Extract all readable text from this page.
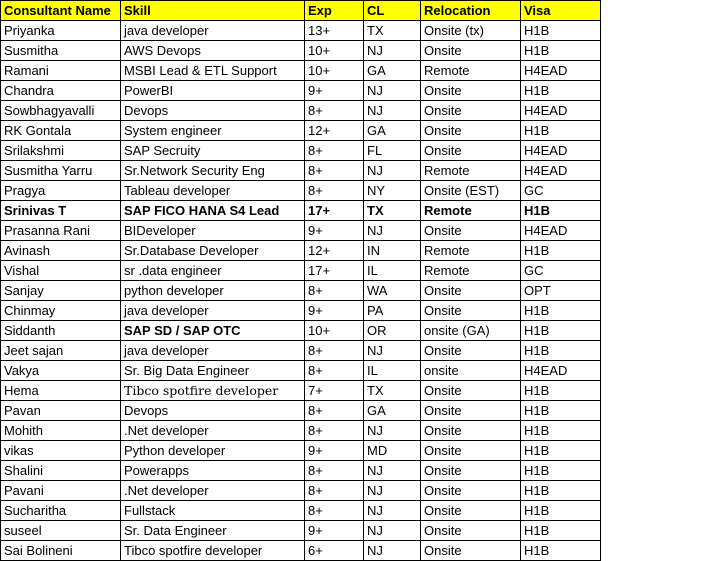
Consultant Name	Skill	Exp	CL	Relocation	Visa
Priyanka	java developer	13+	TX	Onsite (tx)	H1B
Susmitha	AWS Devops	10+	NJ	Onsite	H1B
Ramani	MSBI Lead & ETL Support	10+	GA	Remote	H4EAD
Chandra	PowerBI	9+	NJ	Onsite	H1B
Sowbhagyavalli	Devops	8+	NJ	Onsite	H4EAD
RK Gontala	System engineer	12+	GA	Onsite	H1B
Srilakshmi	SAP Secruity	8+	FL	Onsite	H4EAD
Susmitha Yarru	Sr.Network Security Eng	8+	NJ	Remote	H4EAD
Pragya	Tableau developer	8+	NY	Onsite (EST)	GC
Srinivas T	SAP FICO HANA S4 Lead	17+	TX	Remote	H1B
Prasanna Rani	BIDeveloper	9+	NJ	Onsite	H4EAD
Avinash	Sr.Database Developer	12+	IN	Remote	H1B
Vishal	sr .data engineer	17+	IL	Remote	GC
Sanjay	python developer	8+	WA	Onsite	OPT
Chinmay	java developer	9+	PA	Onsite	H1B
Siddanth	SAP SD / SAP OTC	10+	OR	onsite (GA)	H1B
Jeet sajan	java developer	8+	NJ	Onsite	H1B
Vakya	Sr. Big Data Engineer	8+	IL	onsite	H4EAD
Hema	Tibco spotfire developer	7+	TX	Onsite	H1B
Pavan	Devops	8+	GA	Onsite	H1B
Mohith	.Net developer	8+	NJ	Onsite	H1B
vikas	Python developer	9+	MD	Onsite	H1B
Shalini	Powerapps	8+	NJ	Onsite	H1B
Pavani	.Net developer	8+	NJ	Onsite	H1B
Sucharitha	Fullstack	8+	NJ	Onsite	H1B
suseel	Sr. Data Engineer	9+	NJ	Onsite	H1B
Sai Bolineni	Tibco spotfire developer	6+	NJ	Onsite	H1B
